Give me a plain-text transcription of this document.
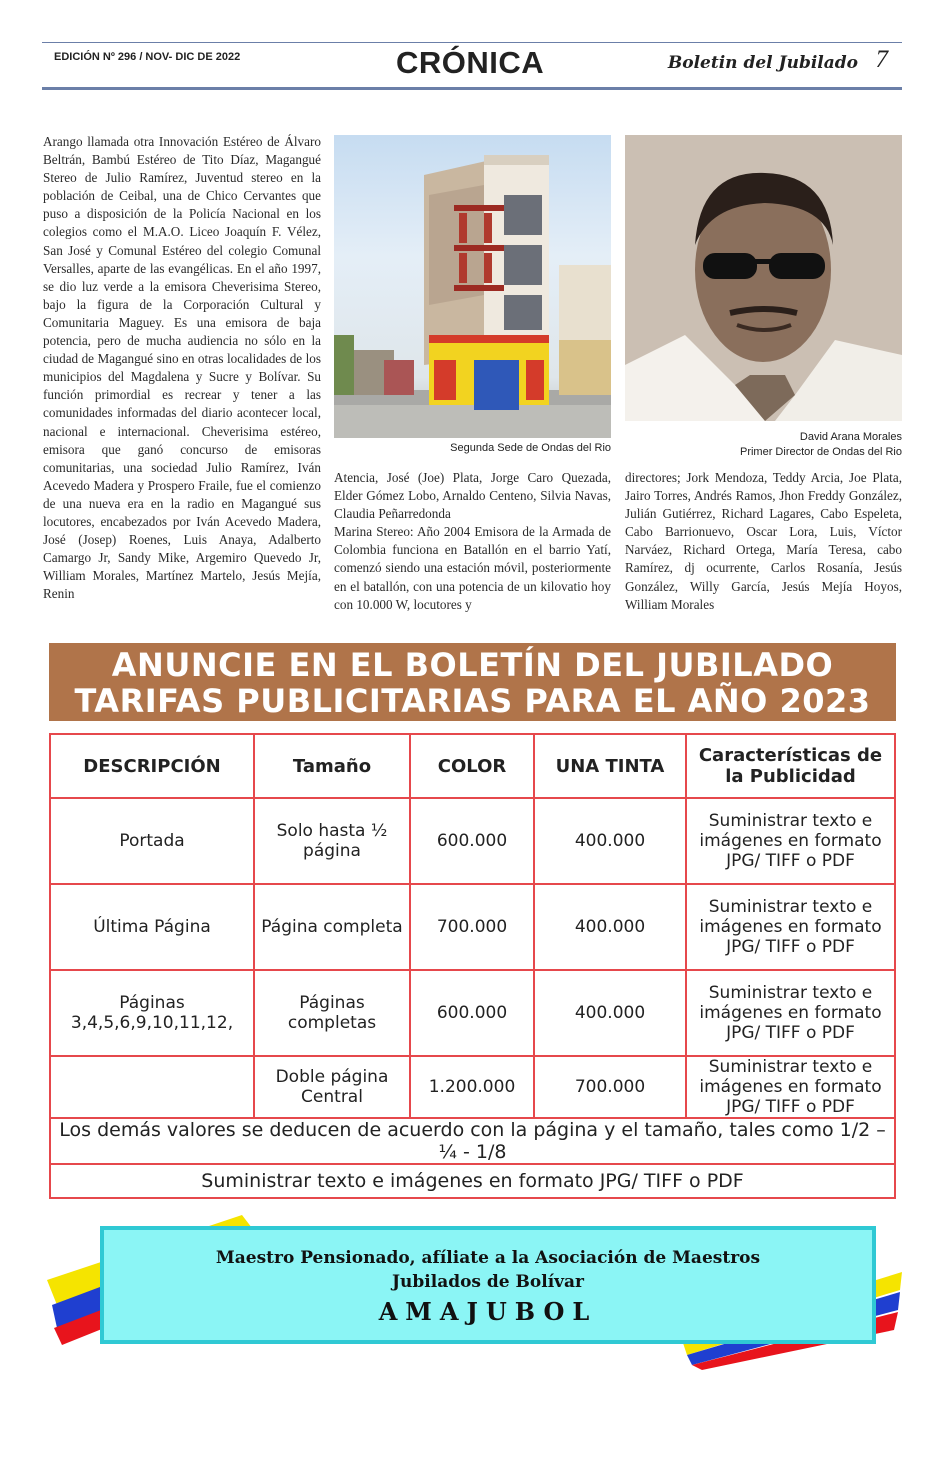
EDICIÓN Nº 296 / NOV- DIC DE 2022	CRÓNICA	Boletin del Jubilado 7

Arango llamada otra Innovación Estéreo de Álvaro Beltrán, Bambú Estéreo de Tito Díaz, Magangué Stereo de Julio Ramírez, Juventud stereo en la población de Ceibal, una de Chico Cervantes que puso a disposición de la Policía Nacional en los colegios como el M.A.O. Liceo Joaquín F. Vélez, San José y Comunal Estéreo del colegio Comunal Versalles, aparte de las evangélicas. En el año 1997, se dio luz verde a la emisora Cheverisima Stereo, bajo la figura de la Corporación Cultural y Comunitaria Maguey. Es una emisora de baja potencia, pero de mucha audiencia no sólo en la ciudad de Magangué sino en otras localidades de los municipios del Magdalena y Sucre y Bolívar. Su función primordial es recrear y tener a las comunidades informadas del diario acontecer local, nacional e internacional. Cheverisima estéreo, emisora que ganó concurso de emisoras comunitarias, una sociedad Julio Ramírez, Iván Acevedo Madera y Prospero Fraile, fue el comienzo de una nueva era en la radio en Magangué sus locutores, encabezados por Iván Acevedo Madera, José (Josep) Roenes, Luis Anaya, Adalberto Camargo Jr, Sandy Mike, Argemiro Quevedo Jr, William Morales, Martínez Martelo, Jesús Mejía, Renin

Atencia, José (Joe) Plata, Jorge Caro Quezada, Elder Gómez Lobo, Arnaldo Centeno, Silvia Navas, Claudia Peñarredonda

Marina Stereo: Año 2004 Emisora de la Armada de Colombia funciona en Batallón en el barrio Yatí, comenzó siendo una estación móvil, posteriormente en el batallón, con una potencia de un kilovatio hoy con 10.000 W, locutores y

directores; Jork Mendoza, Teddy Arcia, Joe Plata, Jairo Torres, Andrés Ramos, Jhon Freddy González, Julián Gutiérrez, Richard Lagares, Cabo Espeleta, Cabo Barrionuevo, Oscar Lora, Luis, Víctor Narváez, Richard Ortega, María Teresa, cabo Ramírez, dj ocurrente, Carlos Rosanía, Jesús González, Willy García, Jesús Mejía Hoyos, William Morales

Segunda Sede de Ondas del Rio
David Arana Morales
Primer Director de Ondas del Rio
ANUNCIE EN EL BOLETÍN DEL JUBILADO
TARIFAS PUBLICITARIAS PARA EL AÑO 2023
DESCRIPCIÓN	Tamaño	COLOR	UNA TINTA	Características de la Publicidad
Portada	Solo hasta ½ página	600.000	400.000	Suministrar texto e imágenes en formato JPG/ TIFF o PDF
Última Página	Página completa	700.000	400.000	Suministrar texto e imágenes en formato JPG/ TIFF o PDF
Páginas 3,4,5,6,9,10,11,12,	Páginas completas	600.000	400.000	Suministrar texto e imágenes en formato JPG/ TIFF o PDF
	Doble página Central	1.200.000	700.000	Suministrar texto e imágenes en formato JPG/ TIFF o PDF
Los demás valores se deducen de acuerdo con la página y el tamaño, tales como 1/2 – ¼ - 1/8				
Suministrar texto e imágenes en formato JPG/ TIFF o PDF				
Maestro Pensionado, afíliate a la Asociación de Maestros
Jubilados de Bolívar
AMAJUBOL
